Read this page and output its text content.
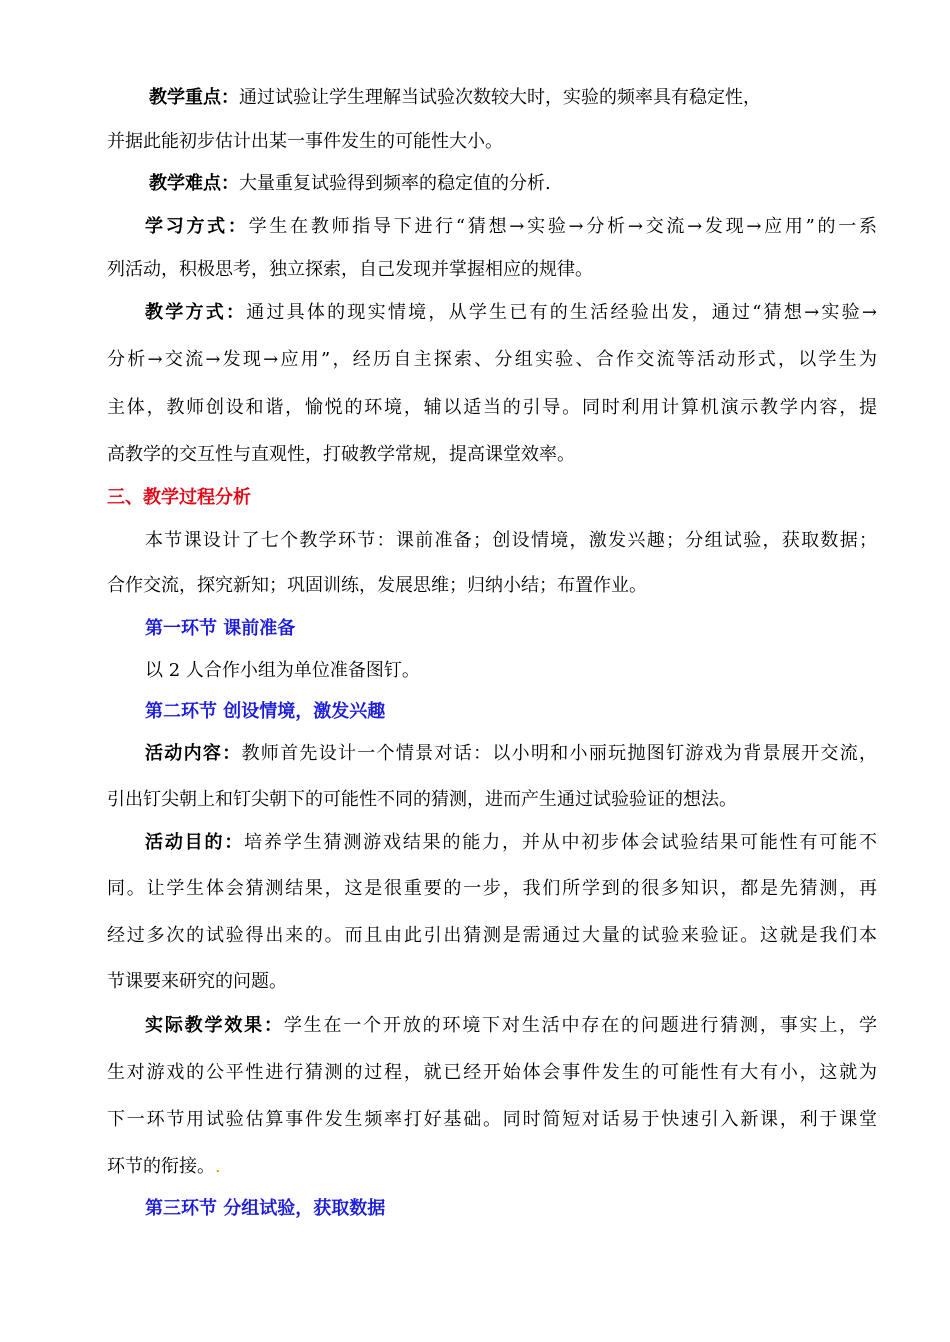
教学重点：通过试验让学生理解当试验次数较大时，实验的频率具有稳定性，
并据此能初步估计出某一事件发生的可能性大小。
教学难点：大量重复试验得到频率的稳定值的分析.
学习方式：学生在教师指导下进行“猜想→实验→分析→交流→发现→应用”的一系
列活动，积极思考，独立探索，自己发现并掌握相应的规律。
教学方式：通过具体的现实情境，从学生已有的生活经验出发，通过“猜想→实验→
分析→交流→发现→应用”，经历自主探索、分组实验、合作交流等活动形式，以学生为
主体，教师创设和谐，愉悦的环境，辅以适当的引导。同时利用计算机演示教学内容，提
高教学的交互性与直观性，打破教学常规，提高课堂效率。
三、教学过程分析
本节课设计了七个教学环节：课前准备；创设情境，激发兴趣；分组试验，获取数据；
合作交流，探究新知；巩固训练，发展思维；归纳小结；布置作业。
第一环节 课前准备
以 2 人合作小组为单位准备图钉。
第二环节 创设情境，激发兴趣
活动内容：教师首先设计一个情景对话：以小明和小丽玩抛图钉游戏为背景展开交流，
引出钉尖朝上和钉尖朝下的可能性不同的猜测，进而产生通过试验验证的想法。
活动目的：培养学生猜测游戏结果的能力，并从中初步体会试验结果可能性有可能不
同。让学生体会猜测结果，这是很重要的一步，我们所学到的很多知识，都是先猜测，再
经过多次的试验得出来的。而且由此引出猜测是需通过大量的试验来验证。这就是我们本
节课要来研究的问题。
实际教学效果：学生在一个开放的环境下对生活中存在的问题进行猜测，事实上，学
生对游戏的公平性进行猜测的过程，就已经开始体会事件发生的可能性有大有小，这就为
下一环节用试验估算事件发生频率打好基础。同时简短对话易于快速引入新课，利于课堂
环节的衔接。.
第三环节 分组试验，获取数据
